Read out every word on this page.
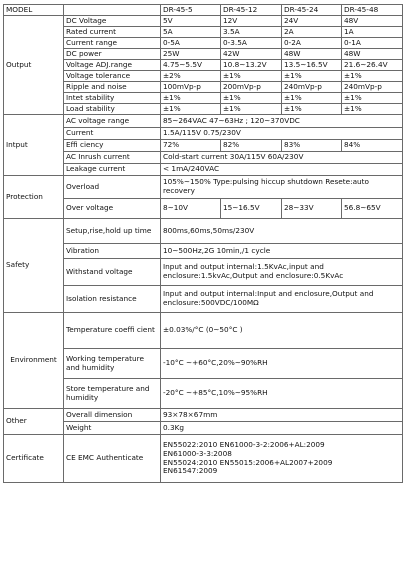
MODEL		DR-45-5	DR-45-12	DR-45-24	DR-45-48
Output	DC Voltage	5V	12V	24V	48V
	Rated current	5A	3.5A	2A	1A
	Current range	0-5A	0-3.5A	0-2A	0-1A
	DC power	25W	42W	48W	48W
	Voltage ADJ.range	4.75~5.5V	10.8~13.2V	13.5~16.5V	21.6~26.4V
	Voltage tolerance	±2%	±1%	±1%	±1%
	Ripple and noise	100mVp-p	200mVp-p	240mVp-p	240mVp-p
	Intet stability	±1%	±1%	±1%	±1%
	Load stability	±1%	±1%	±1%	±1%
Intput	AC voltage range	85~264VAC 47~63Hz ; 120~370VDC			
	Current	1.5A/115V 0.75/230V			
	Effi ciency	72%	82%	83%	84%
	AC Inrush current	Cold-start current 30A/115V 60A/230V			
	Leakage current	< 1mA/240VAC			
Protection	Overload	105%~150% Type:pulsing hiccup shutdown Resete:auto recovery			
	Over voltage	8~10V	15~16.5V	28~33V	56.8~65V
Safety	Setup,rise,hold up time	800ms,60ms,50ms/230V			
	Vibration	10~500Hz,2G 10min,/1 cycle			
	Withstand voltage	Input and output internal:1.5KvAc,input and enclosure:1.5kvAc,Output and enclosure:0.5KvAc			
	Isolation resistance	Input and output internal:Input and enclosure,Output and enclosure:500VDC/100MΩ			
Environment	Temperature coeffi cient	±0.03%/°C (0~50°C )			
	Working temperature and humidity	-10°C ~+60°C,20%~90%RH			
	Store temperature and humidity	-20°C ~+85°C,10%~95%RH			
Other	Overall dimension	93×78×67mm			
	Weight	0.3Kg			
Certificate	CE EMC Authenticate	EN55022:2010 EN61000-3-2:2006+AL:2009
EN61000-3-3:2008
EN55024:2010 EN55015:2006+AL2007+2009
EN61547:2009			
